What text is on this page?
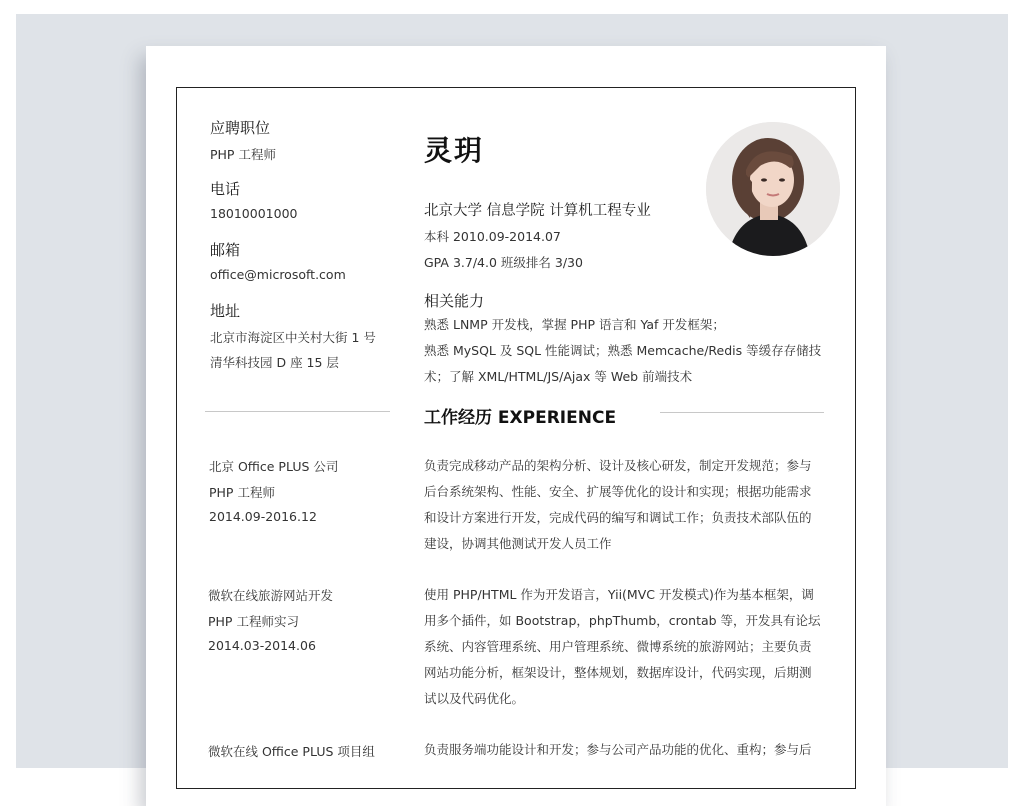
应聘职位
PHP 工程师
电话
18010001000
邮箱
office@microsoft.com
地址
北京市海淀区中关村大街 1 号
清华科技园 D 座 15 层
灵玥
北京大学 信息学院 计算机工程专业
本科 2010.09-2014.07
GPA 3.7/4.0 班级排名 3/30
相关能力
熟悉 LNMP 开发栈，掌握 PHP 语言和 Yaf 开发框架；
熟悉 MySQL 及 SQL 性能调试；熟悉 Memcache/Redis 等缓存存储技
术；了解 XML/HTML/JS/Ajax 等 Web 前端技术
工作经历 EXPERIENCE
北京 Office PLUS 公司
PHP 工程师
2014.09-2016.12
负责完成移动产品的架构分析、设计及核心研发，制定开发规范；参与
后台系统架构、性能、安全、扩展等优化的设计和实现；根据功能需求
和设计方案进行开发，完成代码的编写和调试工作；负责技术部队伍的
建设，协调其他测试开发人员工作
微软在线旅游网站开发
PHP 工程师实习
2014.03-2014.06
使用 PHP/HTML 作为开发语言，Yii(MVC 开发模式)作为基本框架，调
用多个插件，如 Bootstrap，phpThumb，crontab 等，开发具有论坛
系统、内容管理系统、用户管理系统、微博系统的旅游网站；主要负责
网站功能分析，框架设计，整体规划，数据库设计，代码实现，后期测
试以及代码优化。
微软在线 Office PLUS 项目组	负责服务端功能设计和开发；参与公司产品功能的优化、重构；参与后
